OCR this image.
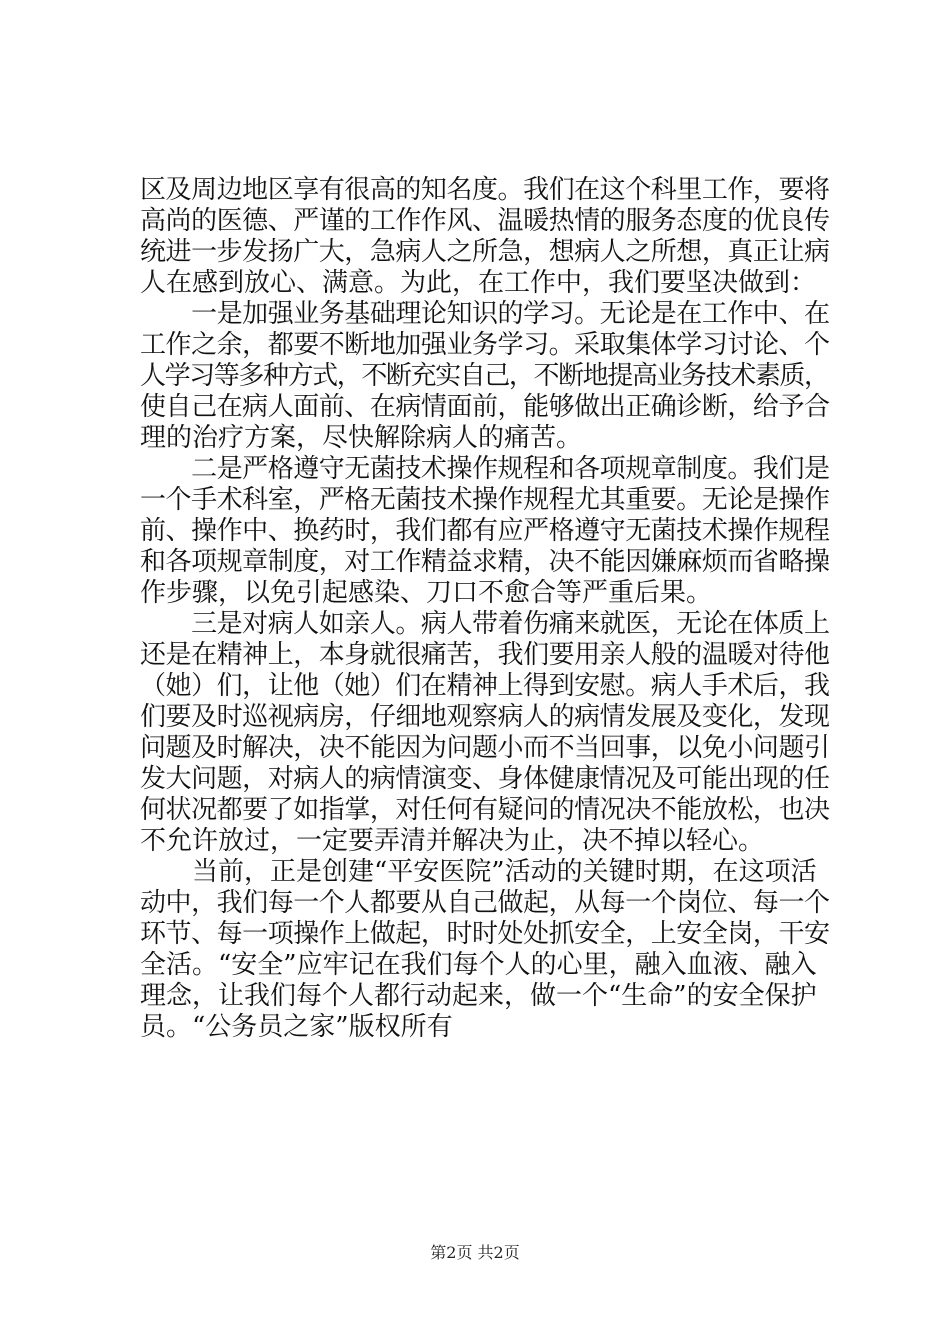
区及周边地区享有很高的知名度。我们在这个科里工作，要将
高尚的医德、严谨的工作作风、温暖热情的服务态度的优良传
统进一步发扬广大，急病人之所急，想病人之所想，真正让病
人在感到放心、满意。为此，在工作中，我们要坚决做到：
　　一是加强业务基础理论知识的学习。无论是在工作中、在
工作之余，都要不断地加强业务学习。采取集体学习讨论、个
人学习等多种方式，不断充实自己，不断地提高业务技术素质，
使自己在病人面前、在病情面前，能够做出正确诊断，给予合
理的治疗方案，尽快解除病人的痛苦。
　　二是严格遵守无菌技术操作规程和各项规章制度。我们是
一个手术科室，严格无菌技术操作规程尤其重要。无论是操作
前、操作中、换药时，我们都有应严格遵守无菌技术操作规程
和各项规章制度，对工作精益求精，决不能因嫌麻烦而省略操
作步骤，以免引起感染、刀口不愈合等严重后果。
　　三是对病人如亲人。病人带着伤痛来就医，无论在体质上
还是在精神上，本身就很痛苦，我们要用亲人般的温暖对待他
（她）们，让他（她）们在精神上得到安慰。病人手术后，我
们要及时巡视病房，仔细地观察病人的病情发展及变化，发现
问题及时解决，决不能因为问题小而不当回事，以免小问题引
发大问题，对病人的病情演变、身体健康情况及可能出现的任
何状况都要了如指掌，对任何有疑问的情况决不能放松，也决
不允许放过，一定要弄清并解决为止，决不掉以轻心。
　　当前，正是创建“平安医院”活动的关键时期，在这项活
动中，我们每一个人都要从自己做起，从每一个岗位、每一个
环节、每一项操作上做起，时时处处抓安全，上安全岗，干安
全活。“安全”应牢记在我们每个人的心里，融入血液、融入
理念，让我们每个人都行动起来，做一个“生命”的安全保护
员。“公务员之家”版权所有
第2页 共2页
